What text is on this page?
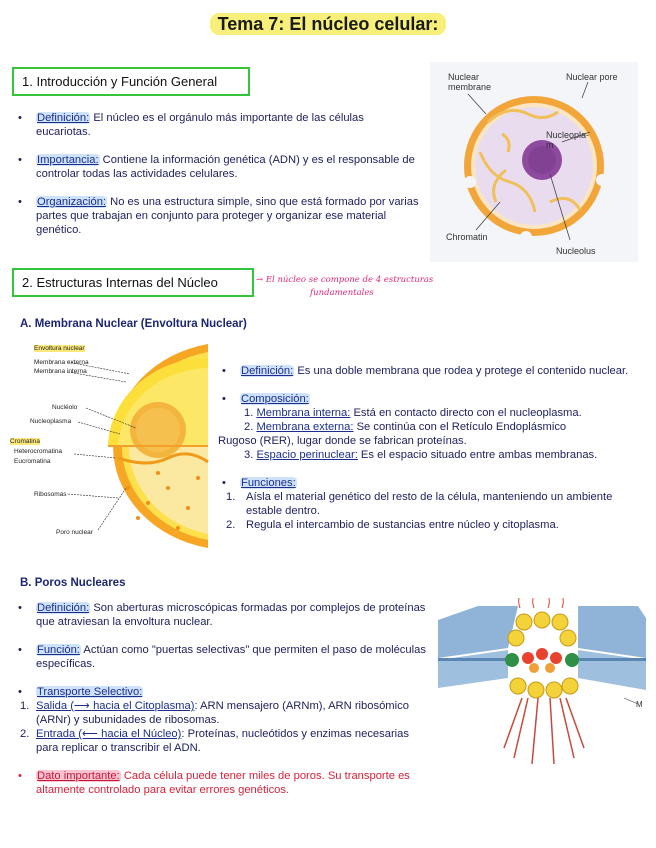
Tema 7: El núcleo celular:
1. Introducción y Función General
• Definición: El núcleo es el orgánulo más importante de las células eucariotas.
• Importancia: Contiene la información genética (ADN) y es el responsable de controlar todas las actividades celulares.
• Organización: No es una estructura simple, sino que está formado por varias partes que trabajan en conjunto para proteger y organizar ese material genético.
Nuclear
membrane
Nuclear pore
Nucleopla-
m
Chromatin
Nucleolus
2. Estructuras Internas del Núcleo	→ El núcleo se compone de 4 estructuras
fundamentales
A. Membrana Nuclear (Envoltura Nuclear)
Envoltura nuclear
Membrana externa
Membrana interna
Nucléolo
Nucleoplasma
Cromatina
Heterocromatina
Eucromatina
Ribosomas
Poro nuclear
• Definición: Es una doble membrana que rodea y protege el contenido nuclear.
• Composición:
1. Membrana interna: Está en contacto directo con el nucleoplasma.
2. Membrana externa: Se continúa con el Retículo Endoplásmico
Rugoso (RER), lugar donde se fabrican proteínas.
3. Espacio perinuclear: Es el espacio situado entre ambas membranas.
• Funciones:
1. Aísla el material genético del resto de la célula, manteniendo un ambiente estable dentro.
2. Regula el intercambio de sustancias entre núcleo y citoplasma.
B. Poros Nucleares
• Definición: Son aberturas microscópicas formadas por complejos de proteínas que atraviesan la envoltura nuclear.
• Función: Actúan como "puertas selectivas" que permiten el paso de moléculas específicas.
• Transporte Selectivo:
1. Salida (⟶ hacia el Citoplasma): ARN mensajero (ARNm), ARN ribosómico (ARNr) y subunidades de ribosomas.
2. Entrada (⟵ hacia el Núcleo): Proteínas, nucleótidos y enzimas necesarias para replicar o transcribir el ADN.
• Dato importante: Cada célula puede tener miles de poros. Su transporte es altamente controlado para evitar errores genéticos.
M
